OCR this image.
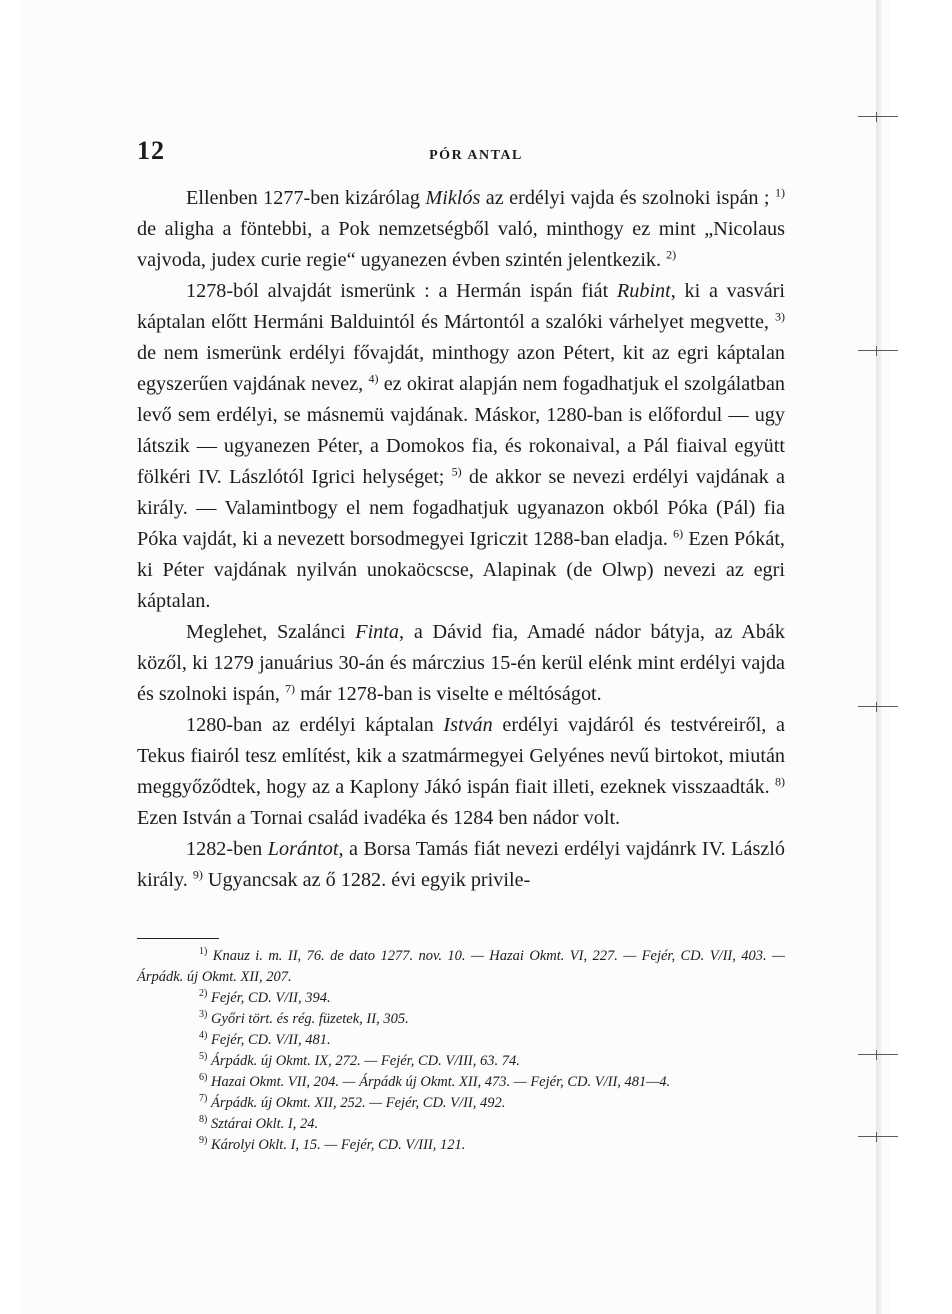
12	PÓR ANTAL

Ellenben 1277-ben kizárólag Miklós az erdélyi vajda és szolnoki ispán ; $^{1)}$ de aligha a föntebbi, a Pok nemzetségből való, minthogy ez mint „Nicolaus vajvoda, judex curie regie“ ugyanezen évben szintén jelentkezik. $^{2)}$

1278-ból alvajdát ismerünk : a Hermán ispán fiát Rubint, ki a vasvári káptalan előtt Hermáni Balduintól és Mártontól a szalóki várhelyet megvette, $^{3)}$ de nem ismerünk erdélyi fővajdát, minthogy azon Pétert, kit az egri káptalan egyszerűen vajdának nevez, $^{4)}$ ez okirat alapján nem fogadhatjuk el szolgálatban levő sem erdélyi, se másnemü vajdának. Máskor, 1280-ban is előfordul — ugy látszik — ugyanezen Péter, a Domokos fia, és rokonaival, a Pál fiaival együtt fölkéri IV. Lászlótól Igrici helységet; $^{5)}$ de akkor se nevezi erdélyi vajdának a király. — Valamintbogy el nem fogadhatjuk ugyanazon okból Póka (Pál) fia Póka vajdát, ki a nevezett borsodmegyei Igriczit 1288-ban eladja. $^{6)}$ Ezen Pókát, ki Péter vajdának nyilván unokaöcscse, Alapinak (de Olwp) nevezi az egri káptalan.

Meglehet, Szalánci Finta, a Dávid fia, Amadé nádor bátyja, az Abák közől, ki 1279 januárius 30-án és márczius 15-én kerül elénk mint erdélyi vajda és szolnoki ispán, $^{7)}$ már 1278-ban is viselte e méltóságot.

1280-ban az erdélyi káptalan István erdélyi vajdáról és testvéreiről, a Tekus fiairól tesz említést, kik a szatmármegyei Gelyénes nevű birtokot, miután meggyőződtek, hogy az a Kaplony Jákó ispán fiait illeti, ezeknek visszaadták. $^{8)}$ Ezen István a Tornai család ivadéka és 1284 ben nádor volt.

1282-ben Lorántot, a Borsa Tamás fiát nevezi erdélyi vajdánrk IV. László király. $^{9)}$ Ugyancsak az ő 1282. évi egyik privile-

$^{1)}$ Knauz i. m. II, 76. de dato 1277. nov. 10. — Hazai Okmt. VI, 227. — Fejér, CD. V/II, 403. — Árpádk. új Okmt. XII, 207.
$^{2)}$ Fejér, CD. V/II, 394.
$^{3)}$ Győri tört. és rég. füzetek, II, 305.
$^{4)}$ Fejér, CD. V/II, 481.
$^{5)}$ Árpádk. új Okmt. IX, 272. — Fejér, CD. V/III, 63. 74.
$^{6)}$ Hazai Okmt. VII, 204. — Árpádk új Okmt. XII, 473. — Fejér, CD. V/II, 481—4.
$^{7)}$ Árpádk. új Okmt. XII, 252. — Fejér, CD. V/II, 492.
$^{8)}$ Sztárai Oklt. I, 24.
$^{9)}$ Károlyi Oklt. I, 15. — Fejér, CD. V/III, 121.
